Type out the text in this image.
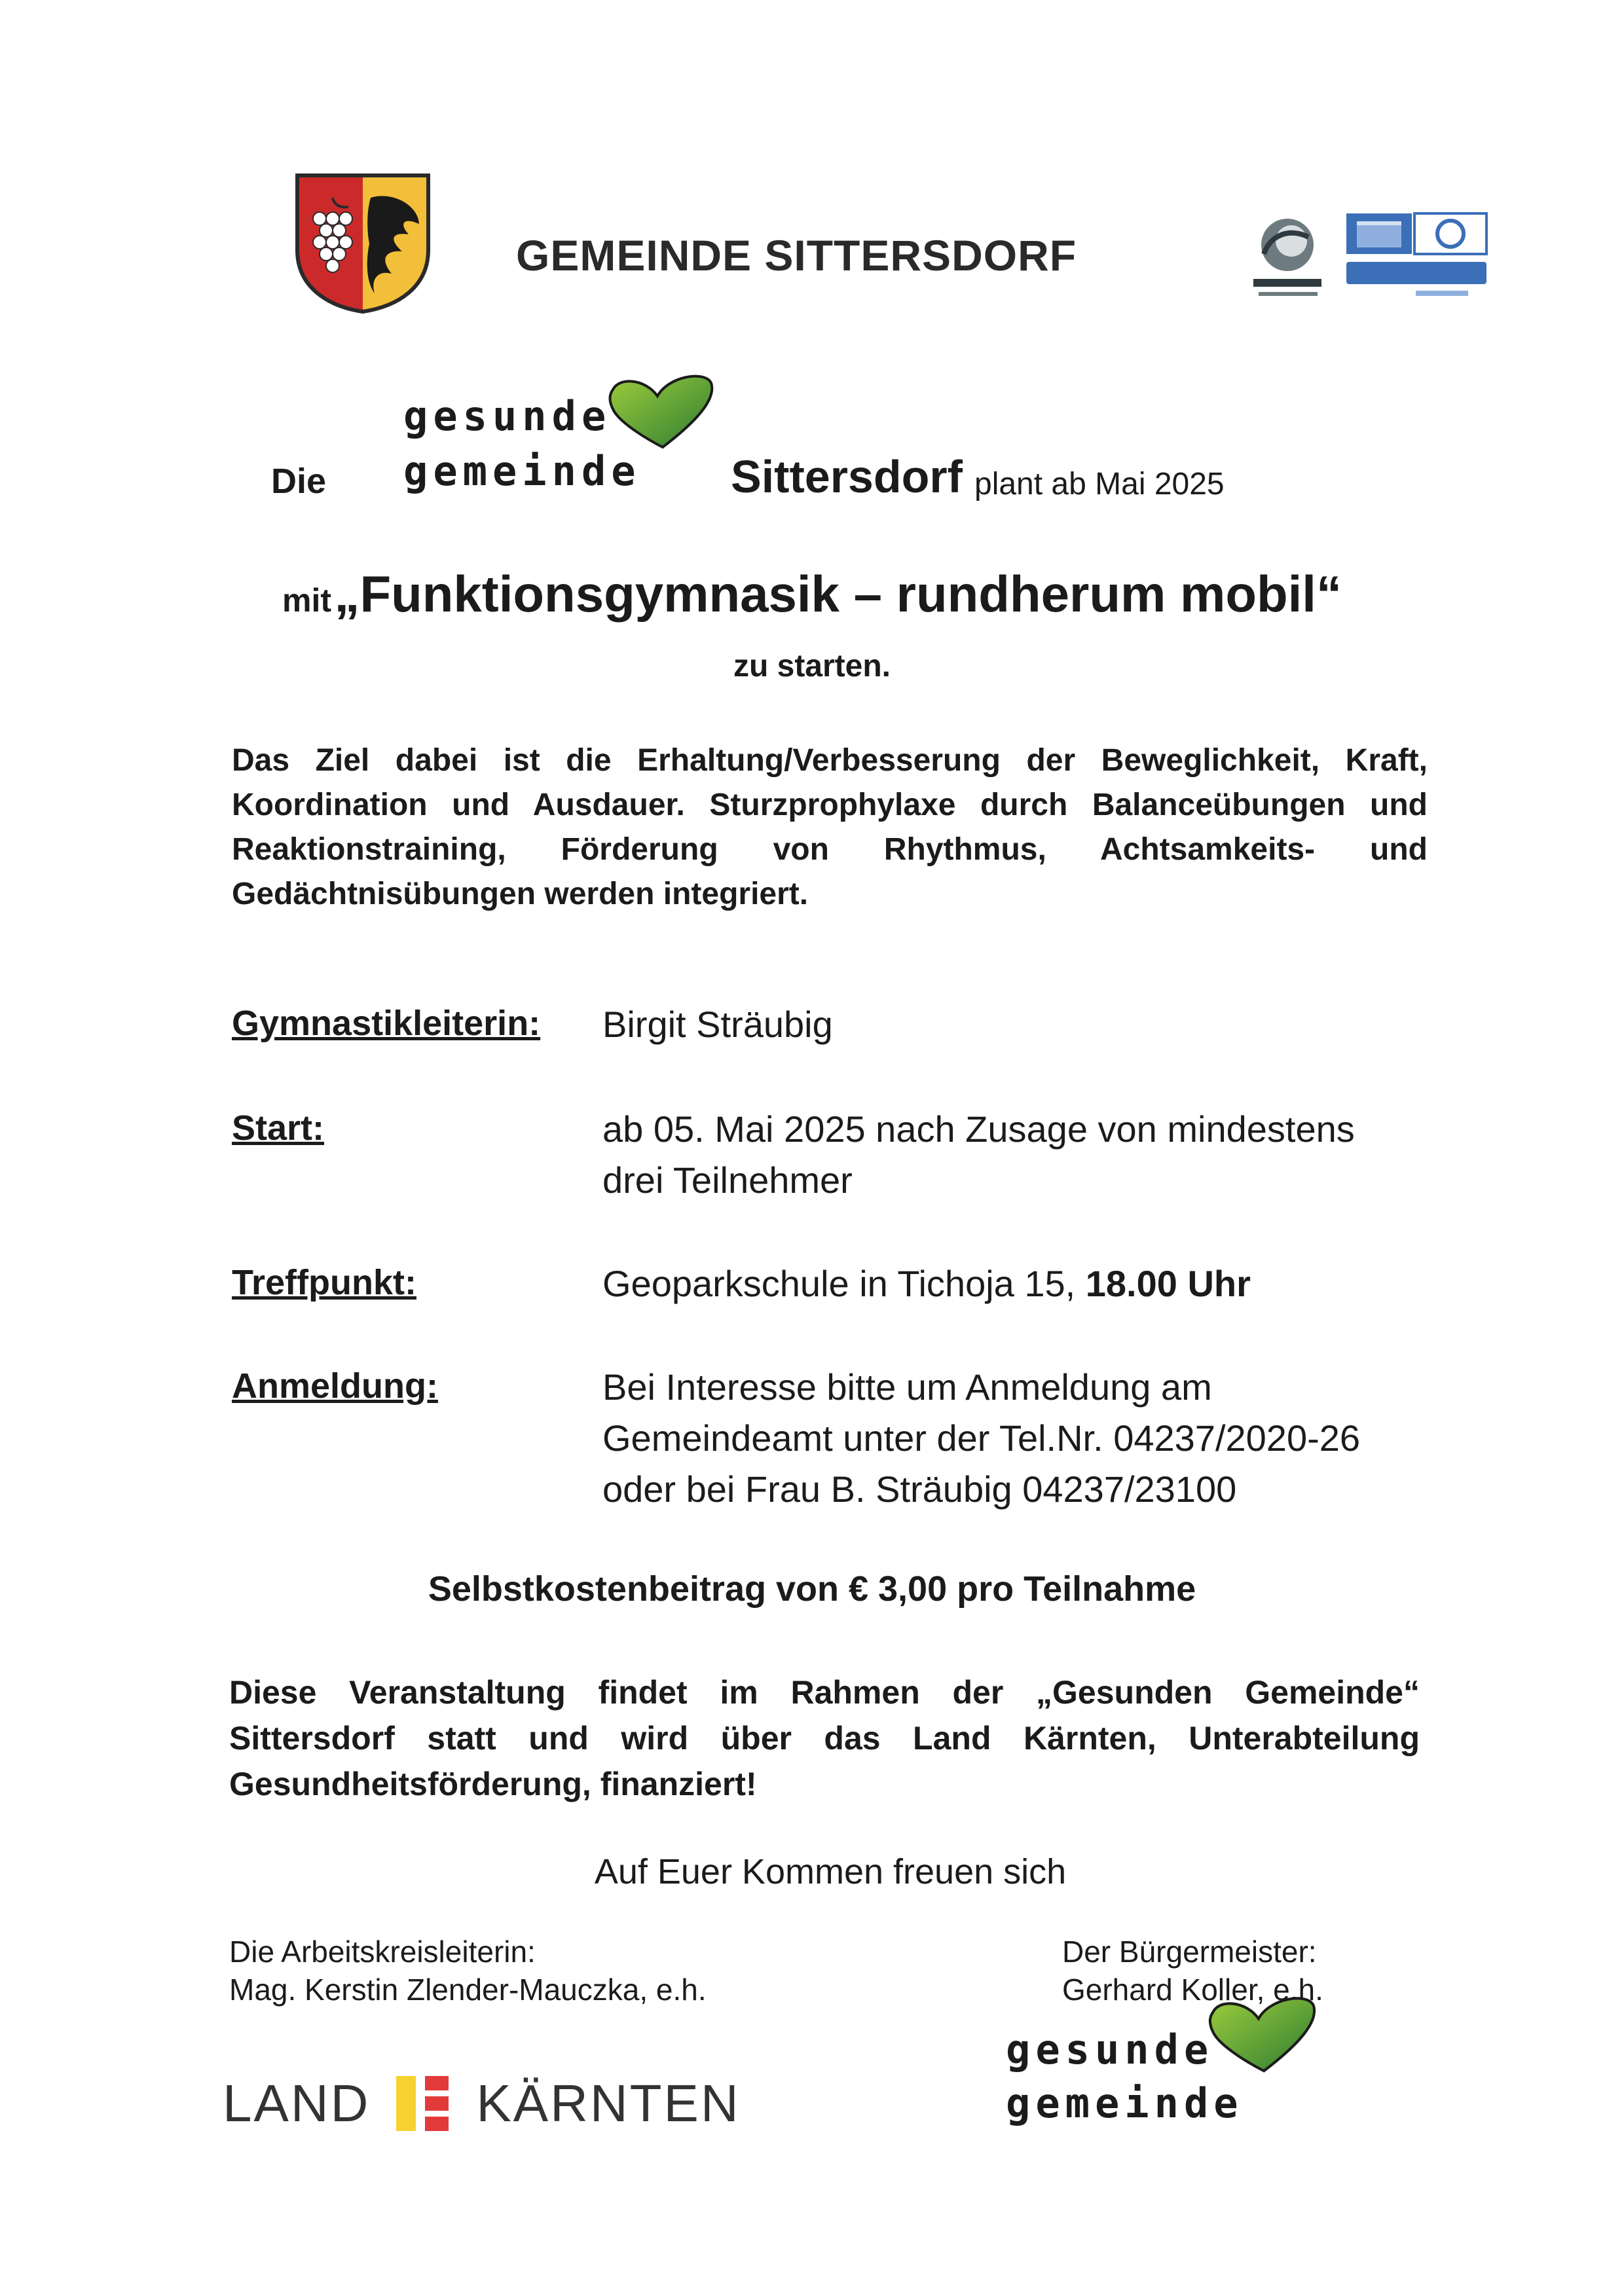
GEMEINDE SITTERSDORF
Die
gesunde
gemeinde Sittersdorf plant ab Mai 2025
mit „Funktionsgymnasik – rundherum mobil“
zu starten.
Das Ziel dabei ist die Erhaltung/Verbesserung der Beweglichkeit, Kraft, Koordination und Ausdauer. Sturzprophylaxe durch Balanceübungen und Reaktionstraining, Förderung von Rhythmus, Achtsamkeits- und Gedächtnisübungen werden integriert.
Gymnastikleiterin: Birgit Sträubig
Start:	ab 05. Mai 2025 nach Zusage von mindestens
drei Teilnehmer
Treffpunkt:	Geoparkschule in Tichoja 15, 18.00 Uhr
Anmeldung:	Bei Interesse bitte um Anmeldung am
Gemeindeamt unter der Tel.Nr. 04237/2020-26
oder bei Frau B. Sträubig 04237/23100
Selbstkostenbeitrag von € 3,00 pro Teilnahme
Diese Veranstaltung findet im Rahmen der „Gesunden Gemeinde“ Sittersdorf statt und wird über das Land Kärnten, Unterabteilung Gesundheitsförderung, finanziert!
Auf Euer Kommen freuen sich
Die Arbeitskreisleiterin:
Mag. Kerstin Zlender-Mauczka, e.h.
Der Bürgermeister:
Gerhard Koller, e.h.
LAND KÄRNTEN
gesunde
gemeinde
